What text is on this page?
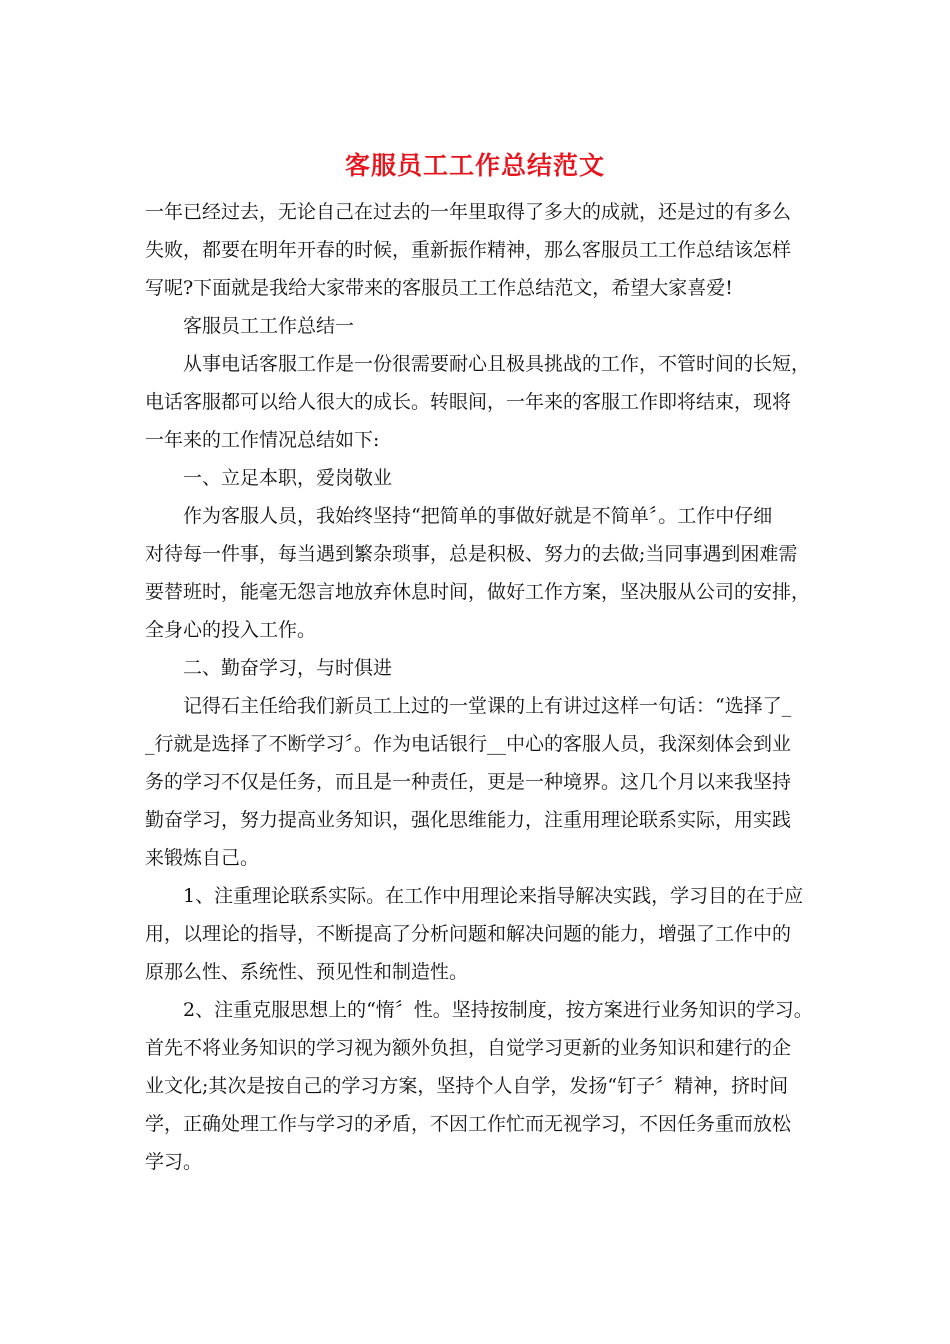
客服员工工作总结范文
一年已经过去，无论自己在过去的一年里取得了多大的成就，还是过的有多么
失败，都要在明年开春的时候，重新振作精神，那么客服员工工作总结该怎样
写呢?下面就是我给大家带来的客服员工工作总结范文，希望大家喜爱!
客服员工工作总结一
从事电话客服工作是一份很需要耐心且极具挑战的工作，不管时间的长短，
电话客服都可以给人很大的成长。转眼间，一年来的客服工作即将结束，现将
一年来的工作情况总结如下:
一、立足本职，爱岗敬业
作为客服人员，我始终坚持“把简单的事做好就是不简单〞。工作中仔细
对待每一件事，每当遇到繁杂琐事，总是积极、努力的去做;当同事遇到困难需
要替班时，能毫无怨言地放弃休息时间，做好工作方案，坚决服从公司的安排，
全身心的投入工作。
二、勤奋学习，与时俱进
记得石主任给我们新员工上过的一堂课的上有讲过这样一句话：“选择了_
_行就是选择了不断学习〞。作为电话银行__中心的客服人员，我深刻体会到业
务的学习不仅是任务，而且是一种责任，更是一种境界。这几个月以来我坚持
勤奋学习，努力提高业务知识，强化思维能力，注重用理论联系实际，用实践
来锻炼自己。
1、注重理论联系实际。在工作中用理论来指导解决实践，学习目的在于应
用，以理论的指导，不断提高了分析问题和解决问题的能力，增强了工作中的
原那么性、系统性、预见性和制造性。
2、注重克服思想上的“惰〞性。坚持按制度，按方案进行业务知识的学习。
首先不将业务知识的学习视为额外负担，自觉学习更新的业务知识和建行的企
业文化;其次是按自己的学习方案，坚持个人自学，发扬“钉子〞精神，挤时间
学，正确处理工作与学习的矛盾，不因工作忙而无视学习，不因任务重而放松
学习。
